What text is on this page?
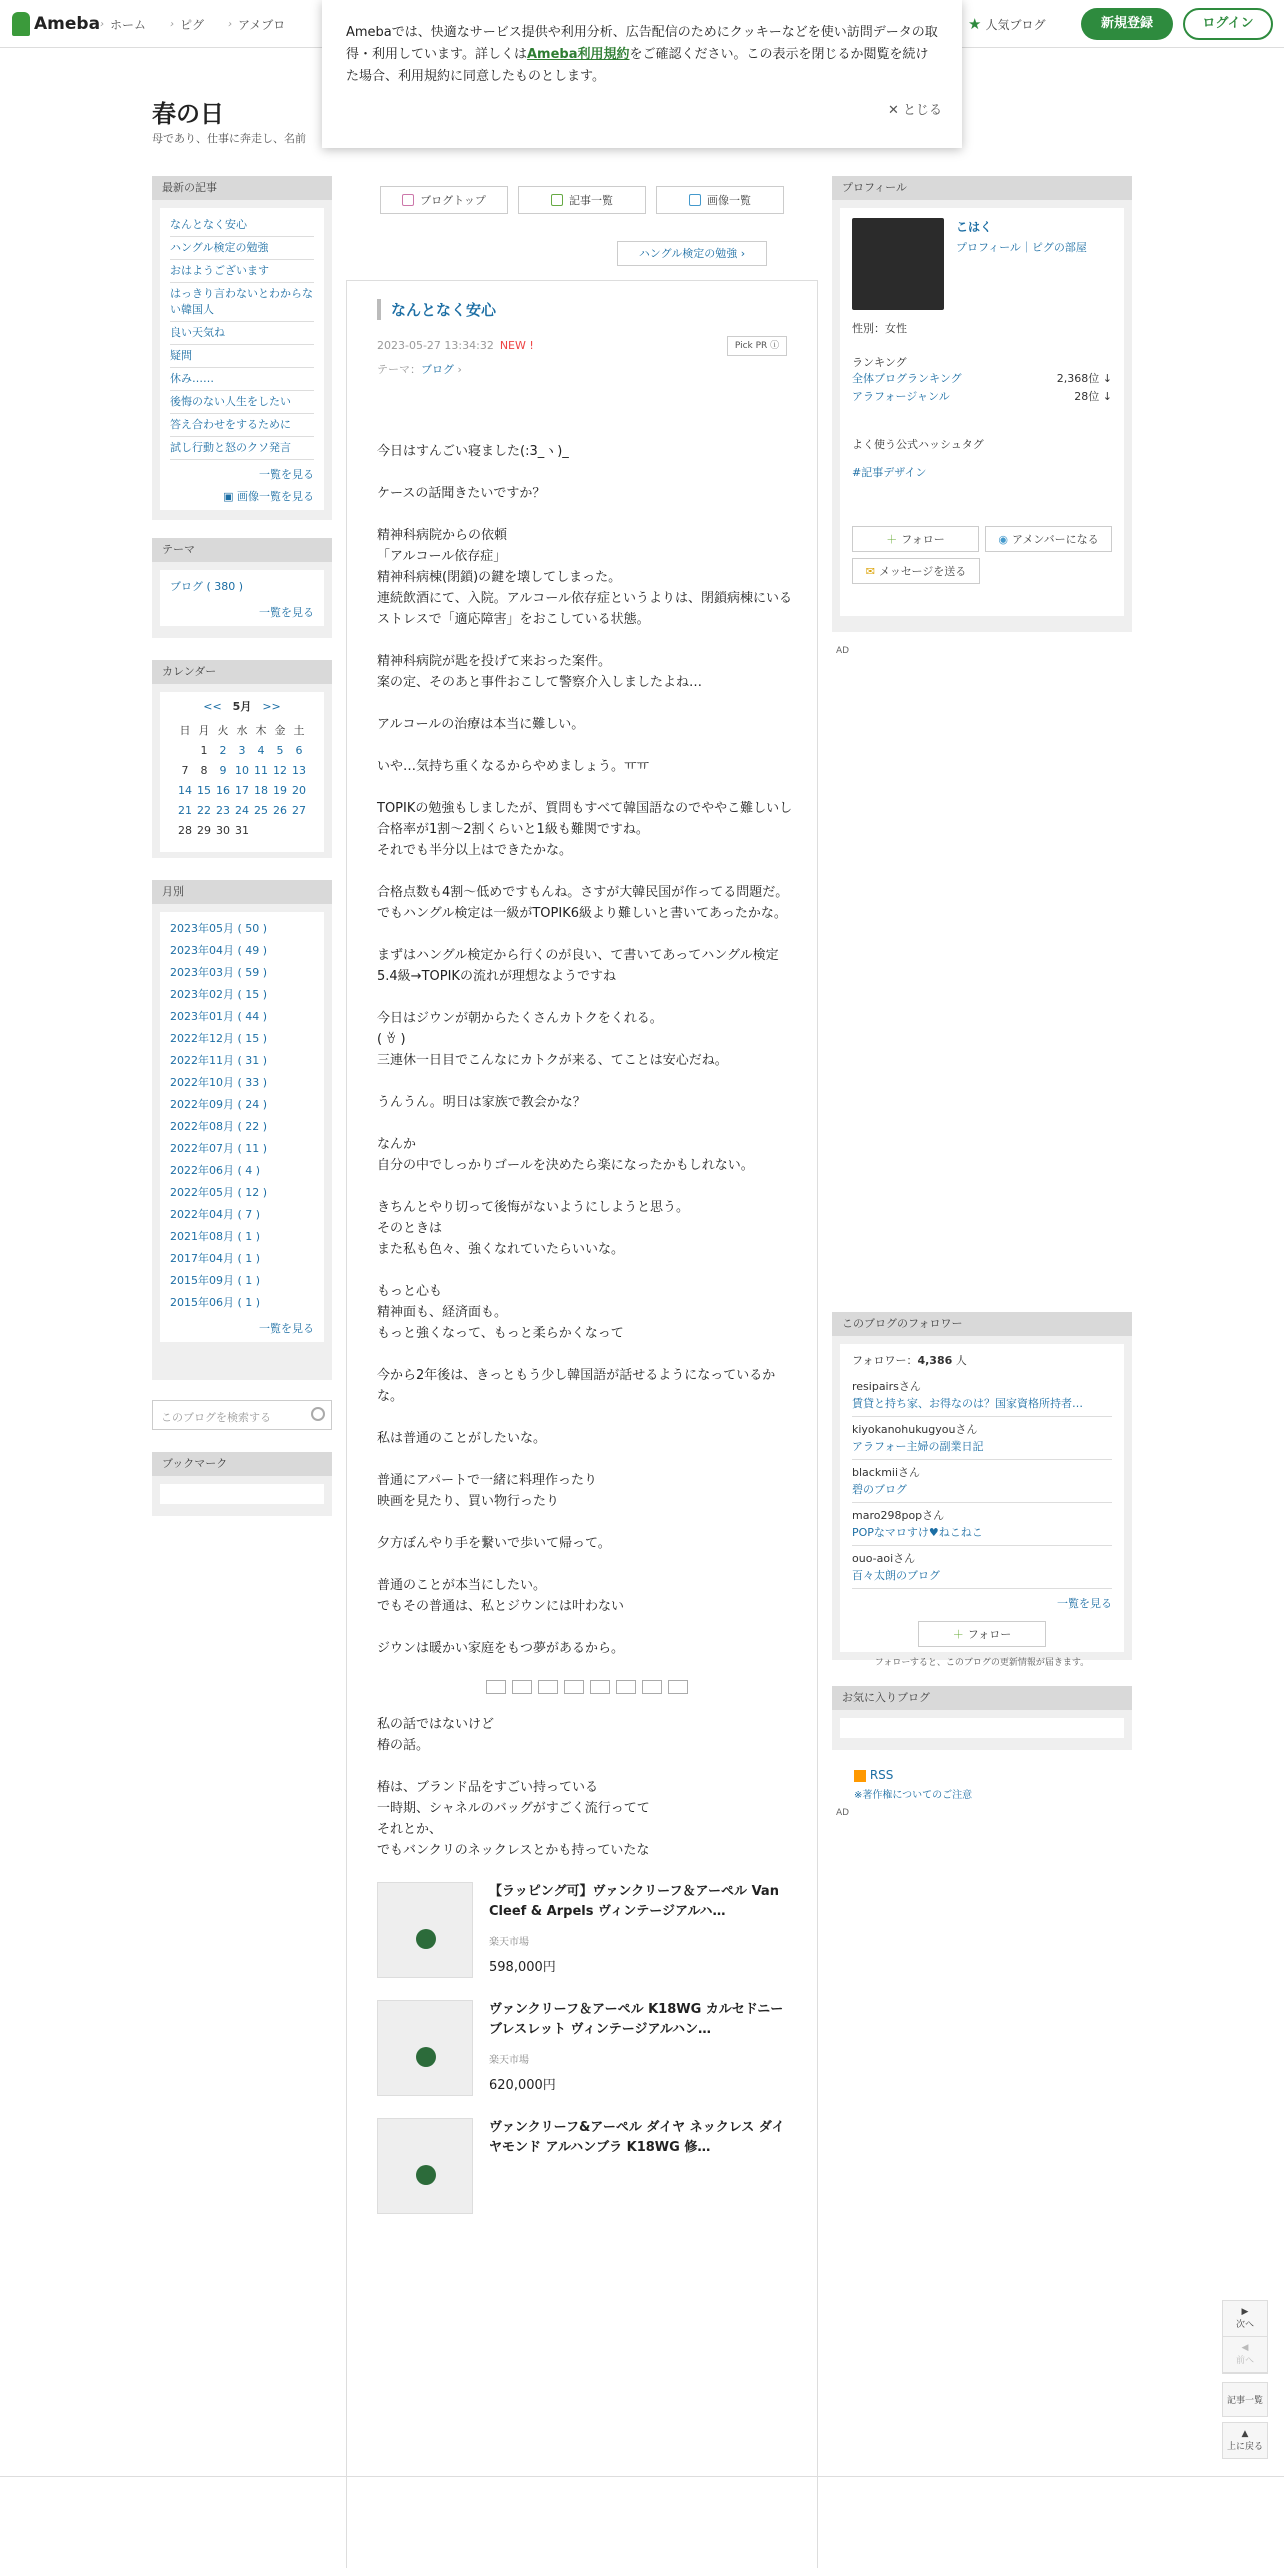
Ameba › ホーム › ピグ › アメブロ	★ 人気ブログ	新規登録	ログイン
Amebaでは、快適なサービス提供や利用分析、広告配信のためにクッキーなどを使い訪問データの取得・利用しています。詳しくはAmeba利用規約をご確認ください。この表示を閉じるか閲覧を続けた場合、利用規約に同意したものとします。
✕ とじる
春の日
母であり、仕事に奔走し、名前
最新の記事
なんとなく安心
ハングル検定の勉強
おはようございます
はっきり言わないとわからない韓国人
良い天気ね
疑問
休み……
後悔のない人生をしたい
答え合わせをするために
試し行動と怒のクソ発言
一覧を見る
▣ 画像一覧を見る
テーマ
ブログ ( 380 )
一覧を見る
カレンダー
<<　 5月　 >>
日	月	火	水	木	金	土
	1	2	3	4	5	6
7	8	9	10	11	12	13
14	15	16	17	18	19	20
21	22	23	24	25	26	27
28	29	30	31			
月別
2023年05月 ( 50 )
2023年04月 ( 49 )
2023年03月 ( 59 )
2023年02月 ( 15 )
2023年01月 ( 44 )
2022年12月 ( 15 )
2022年11月 ( 31 )
2022年10月 ( 33 )
2022年09月 ( 24 )
2022年08月 ( 22 )
2022年07月 ( 11 )
2022年06月 ( 4 )
2022年05月 ( 12 )
2022年04月 ( 7 )
2021年08月 ( 1 )
2017年04月 ( 1 )
2015年09月 ( 1 )
2015年06月 ( 1 )
一覧を見る
このブログを検索する
ブックマーク
ブログトップ	記事一覧	画像一覧
ハングル検定の勉強 ›
なんとなく安心
2023-05-27 13:34:32 NEW !	Pick PR ⓘ
テーマ：ブログ ›

今日はすんごい寝ました(:3_ヽ)_

ケースの話聞きたいですか？

精神科病院からの依頼
「アルコール依存症」
精神科病棟(閉鎖)の鍵を壊してしまった。
連続飲酒にて、入院。アルコール依存症というよりは、閉鎖病棟にいるストレスで「適応障害」をおこしている状態。

精神科病院が匙を投げて来おった案件。
案の定、そのあと事件おこして警察介入しましたよね…

アルコールの治療は本当に難しい。

いや…気持ち重くなるからやめましょう。ㅠㅠ

TOPIKの勉強もしましたが、質問もすべて韓国語なのでややこ難しいし
合格率が1割〜2割くらいと1級も難関ですね。
それでも半分以上はできたかな。

合格点数も4割〜低めですもんね。さすが大韓民国が作ってる問題だ。
でもハングル検定は一級がTOPIK6級より難しいと書いてあったかな。

まずはハングル検定から行くのが良い、て書いてあってハングル検定5.4級→TOPIKの流れが理想なようですね

今日はジウンが朝からたくさんカトクをくれる。
( ꈊ )
三連休一日目でこんなにカトクが来る、てことは安心だね。

うんうん。明日は家族で教会かな？

なんか
自分の中でしっかりゴールを決めたら楽になったかもしれない。

きちんとやり切って後悔がないようにしようと思う。
そのときは
また私も色々、強くなれていたらいいな。

もっと心も
精神面も、経済面も。
もっと強くなって、もっと柔らかくなって

今から2年後は、きっともう少し韓国語が話せるようになっているかな。

私は普通のことがしたいな。

普通にアパートで一緒に料理作ったり
映画を見たり、買い物行ったり

夕方ぼんやり手を繋いで歩いて帰って。

普通のことが本当にしたい。
でもその普通は、私とジウンには叶わない

ジウンは暖かい家庭をもつ夢があるから。

私の話ではないけど
椿の話。

椿は、ブランド品をすごい持っている
一時期、シャネルのバッグがすごく流行ってて
それとか、
でもバンクリのネックレスとかも持っていたな

【ラッピング可】ヴァンクリーフ＆アーペル Van Cleef & Arpels ヴィンテージアルハ…
楽天市場
598,000円
ヴァンクリーフ＆アーペル K18WG カルセドニー ブレスレット ヴィンテージアルハン…
楽天市場
620,000円
ヴァンクリーフ&アーペル ダイヤ ネックレス ダイヤモンド アルハンブラ K18WG 修…
プロフィール
こはく
プロフィール｜ピグの部屋
性別：女性
ランキング
全体ブログランキング	2,368位 ↓
アラフォージャンル	28位 ↓
よく使う公式ハッシュタグ
#記事デザイン
＋ フォロー	◉ アメンバーになる
✉ メッセージを送る
AD
このブログのフォロワー
フォロワー：4,386 人
resipairsさん
賃貸と持ち家、お得なのは？国家資格所持者…
kiyokanohukugyouさん
アラフォー主婦の副業日記
blackmiiさん
碧のブログ
maro298popさん
POPなマロすけ♥ねこねこ
ouo-aoiさん
百々太朗のブログ
一覧を見る
＋ フォロー
フォローすると、このブログの更新情報が届きます。
お気に入りブログ
RSS
※著作権についてのご注意
AD
▶
次へ
◀
前へ
記事一覧
▲
上に戻る
